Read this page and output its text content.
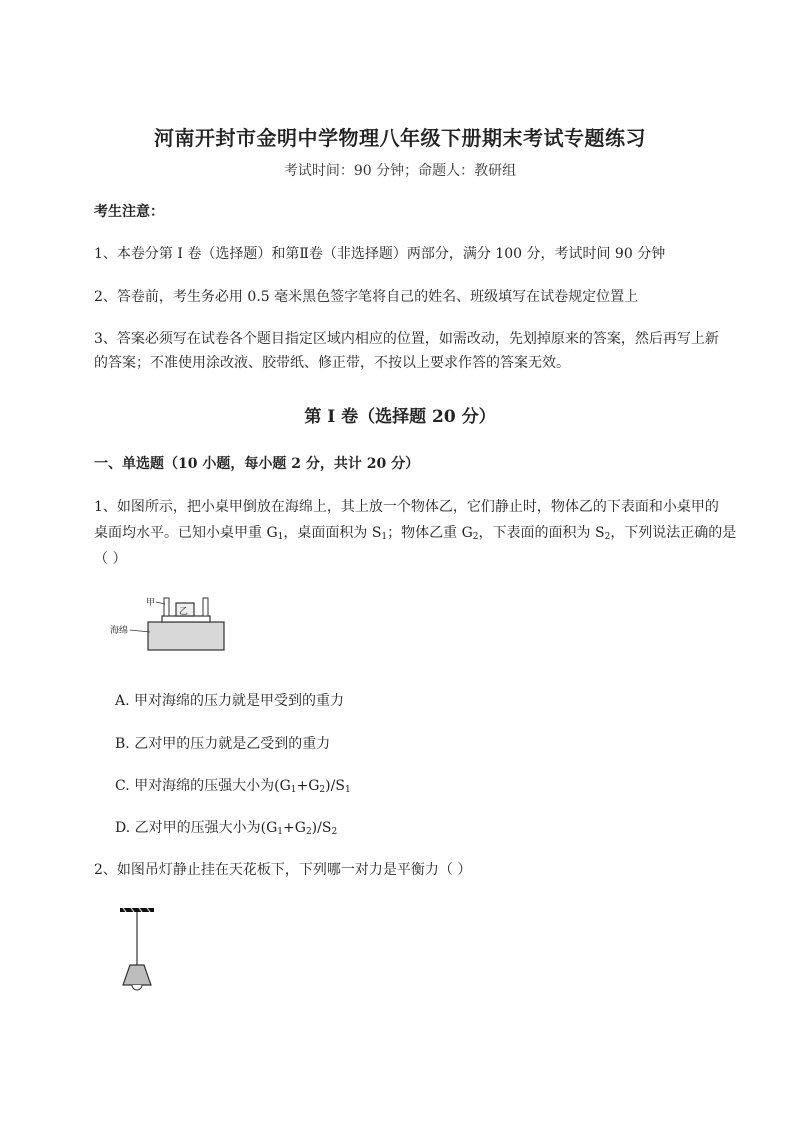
河南开封市金明中学物理八年级下册期末考试专题练习
考试时间：90 分钟；命题人：教研组
考生注意：
1、本卷分第 I 卷（选择题）和第Ⅱ卷（非选择题）两部分，满分 100 分，考试时间 90 分钟
2、答卷前，考生务必用 0.5 毫米黑色签字笔将自己的姓名、班级填写在试卷规定位置上
3、答案必须写在试卷各个题目指定区域内相应的位置，如需改动，先划掉原来的答案，然后再写上新
的答案；不准使用涂改液、胶带纸、修正带，不按以上要求作答的答案无效。
第 I 卷（选择题 20 分）
一、单选题（10 小题，每小题 2 分，共计 20 分）
1、如图所示，把小桌甲倒放在海绵上，其上放一个物体乙，它们静止时，物体乙的下表面和小桌甲的
桌面均水平。已知小桌甲重 $G_1$，桌面面积为 $S_1$；物体乙重 $G_2$，下表面的面积为 $S_2$，下列说法正确的是
（ ）
乙
甲
海绵
A. 甲对海绵的压力就是甲受到的重力
B. 乙对甲的压力就是乙受到的重力
C. 甲对海绵的压强大小为$(G_1+G_2)/S_1$
D. 乙对甲的压强大小为$(G_1+G_2)/S_2$
2、如图吊灯静止挂在天花板下，下列哪一对力是平衡力（ ）
